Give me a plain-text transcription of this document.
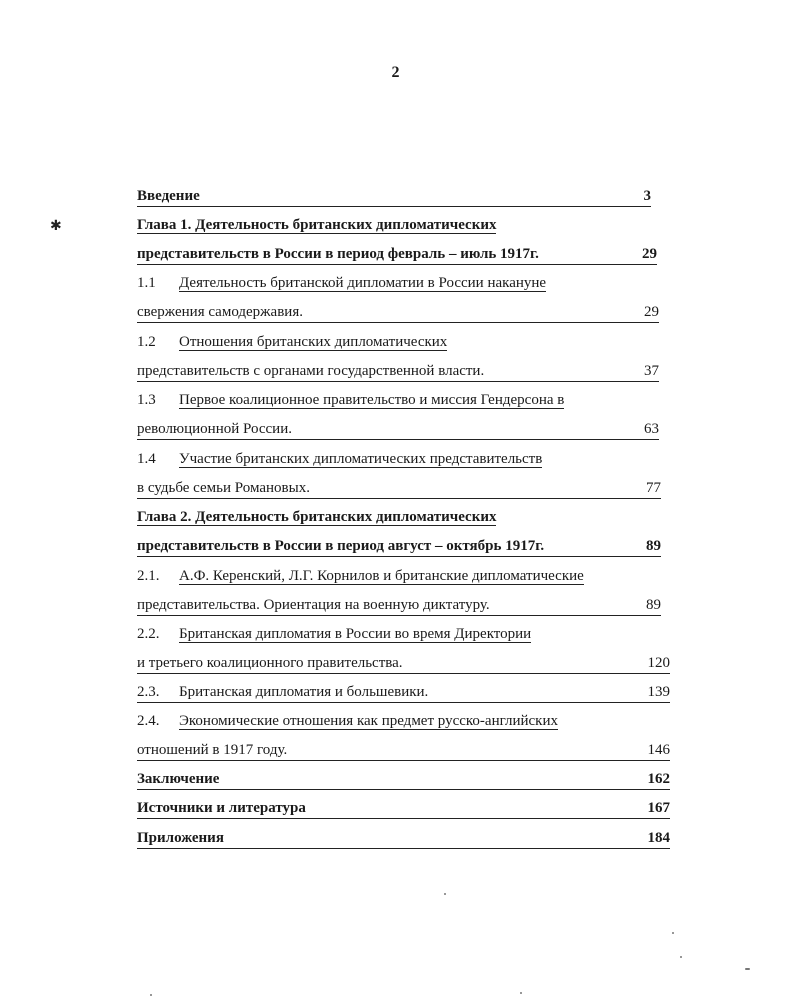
2
✱
Введение	3
Глава 1. Деятельность британских дипломатических
представительств в России в период февраль – июль 1917г.	29
1.1 Деятельность британской дипломатии в России накануне
свержения самодержавия.	29
1.2 Отношения британских дипломатических
представительств с органами государственной власти.	37
1.3 Первое коалиционное правительство и миссия Гендерсона в
революционной России.	63
1.4 Участие британских дипломатических представительств
в судьбе семьи Романовых.	77
Глава 2. Деятельность британских дипломатических
представительств в России в период август – октябрь 1917г.	89
2.1. А.Ф. Керенский, Л.Г. Корнилов и британские дипломатические
представительства. Ориентация на военную диктатуру.	89
2.2. Британская дипломатия в России во время Директории
и третьего коалиционного правительства.	120
2.3. Британская дипломатия и большевики.	139
2.4. Экономические отношения как предмет русско-английских
отношений в 1917 году.	146
Заключение	162
Источники и литература	167
Приложения	184
